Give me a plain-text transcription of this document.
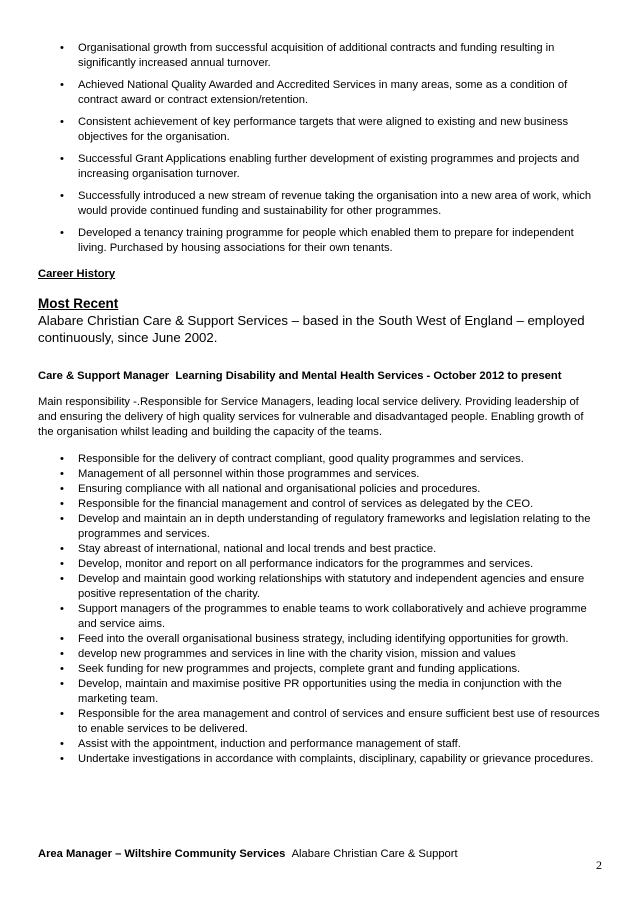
• Organisational growth from successful acquisition of additional contracts and funding resulting in significantly increased annual turnover.
• Achieved National Quality Awarded and Accredited Services in many areas, some as a condition of contract award or contract extension/retention.
• Consistent achievement of key performance targets that were aligned to existing and new business objectives for the organisation.
• Successful Grant Applications enabling further development of existing programmes and projects and increasing organisation turnover.
• Successfully introduced a new stream of revenue taking the organisation into a new area of work, which would provide continued funding and sustainability for other programmes.
• Developed a tenancy training programme for people which enabled them to prepare for independent living. Purchased by housing associations for their own tenants.
Career History
Most Recent
Alabare Christian Care & Support Services – based in the South West of England – employed continuously, since June 2002.
Care & Support Manager  Learning Disability and Mental Health Services - October 2012 to present
Main responsibility -.Responsible for Service Managers, leading local service delivery. Providing leadership of and ensuring the delivery of high quality services for vulnerable and disadvantaged people. Enabling growth of the organisation whilst leading and building the capacity of the teams.
• Responsible for the delivery of contract compliant, good quality programmes and services.
• Management of all personnel within those programmes and services.
• Ensuring compliance with all national and organisational policies and procedures.
• Responsible for the financial management and control of services as delegated by the CEO.
• Develop and maintain an in depth understanding of regulatory frameworks and legislation relating to the programmes and services.
• Stay abreast of international, national and local trends and best practice.
• Develop, monitor and report on all performance indicators for the programmes and services.
• Develop and maintain good working relationships with statutory and independent agencies and ensure positive representation of the charity.
• Support managers of the programmes to enable teams to work collaboratively and achieve programme and service aims.
• Feed into the overall organisational business strategy, including identifying opportunities for growth.
• develop new programmes and services in line with the charity vision, mission and values
• Seek funding for new programmes and projects, complete grant and funding applications.
• Develop, maintain and maximise positive PR opportunities using the media in conjunction with the marketing team.
• Responsible for the area management and control of services and ensure sufficient best use of resources to enable services to be delivered.
• Assist with the appointment, induction and performance management of staff.
• Undertake investigations in accordance with complaints, disciplinary, capability or grievance procedures.
Area Manager – Wiltshire Community Services Alabare Christian Care & Support
2
